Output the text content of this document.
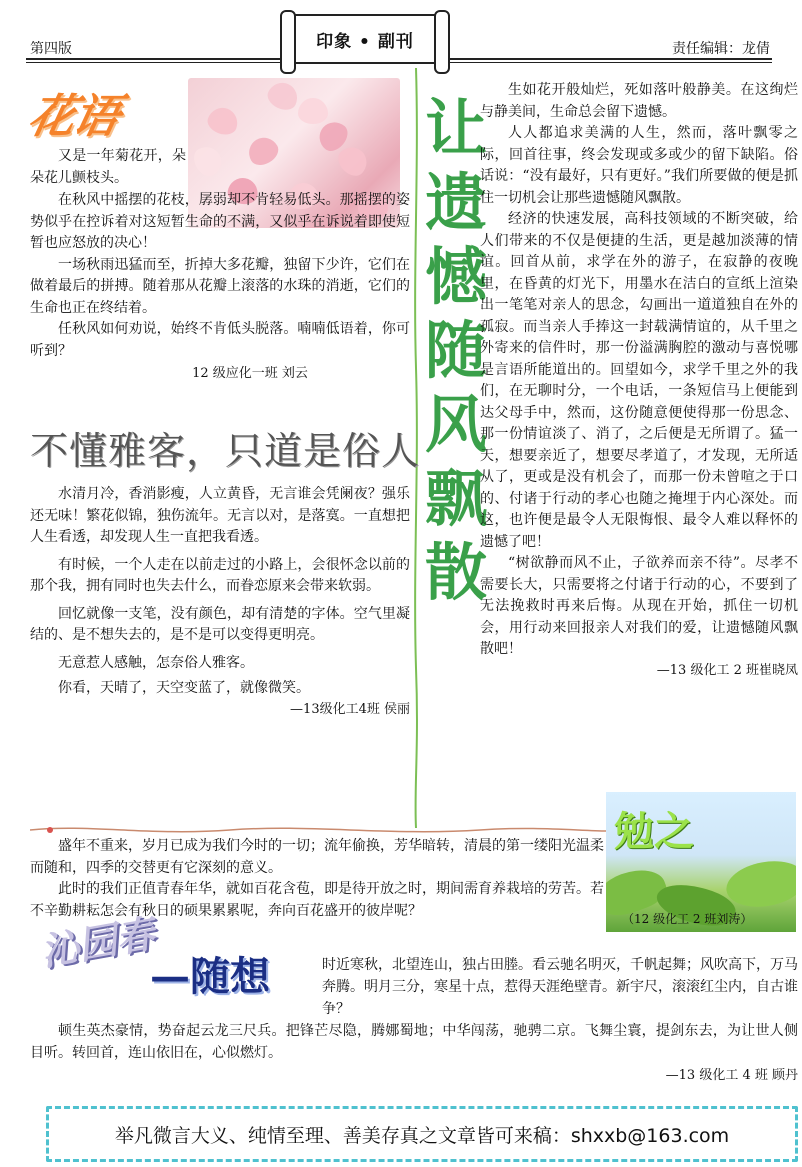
第四版	责任编辑：龙倩
印象 • 副刊
花语

又是一年菊花开，朵朵花儿颤枝头。

在秋风中摇摆的花枝，孱弱却不肯轻易低头。那摇摆的姿势似乎在控诉着对这短暂生命的不满，又似乎在诉说着即使短暂也应怒放的决心！

一场秋雨迅猛而至，折掉大多花瓣，独留下少许，它们在做着最后的拼搏。随着那从花瓣上滚落的水珠的消逝，它们的生命也正在终结着。

任秋风如何劝说，始终不肯低头脱落。喃喃低语着，你可听到？

12 级应化一班 刘云
让
遗
憾
随
风
飘
散

生如花开般灿烂，死如落叶般静美。在这绚烂与静美间，生命总会留下遗憾。

人人都追求美满的人生，然而，落叶飘零之际，回首往事，终会发现或多或少的留下缺陷。俗话说：“没有最好，只有更好。”我们所要做的便是抓住一切机会让那些遗憾随风飘散。

经济的快速发展，高科技领域的不断突破，给人们带来的不仅是便捷的生活，更是越加淡薄的情谊。回首从前，求学在外的游子，在寂静的夜晚里，在昏黄的灯光下，用墨水在洁白的宣纸上渲染出一笔笔对亲人的思念，勾画出一道道独自在外的孤寂。而当亲人手捧这一封载满情谊的，从千里之外寄来的信件时，那一份溢满胸腔的激动与喜悦哪是言语所能道出的。回望如今，求学千里之外的我们，在无聊时分，一个电话，一条短信马上便能到达父母手中，然而，这份随意便使得那一份思念、那一份情谊淡了、消了，之后便是无所谓了。猛一天，想要亲近了，想要尽孝道了，才发现，无所适从了，更或是没有机会了，而那一份未曾喧之于口的、付诸于行动的孝心也随之掩埋于内心深处。而这，也许便是最令人无限悔恨、最令人难以释怀的遗憾了吧！

“树欲静而风不止，子欲养而亲不待”。尽孝不需要长大，只需要将之付诸于行动的心，不要到了无法挽救时再来后悔。从现在开始，抓住一切机会，用行动来回报亲人对我们的爱，让遗憾随风飘散吧！

—13 级化工 2 班崔晓凤
不懂雅客，只道是俗人

水清月冷，香消影瘦，人立黄昏，无言谁会凭阑夜？强乐还无味！繁花似锦，独伤流年。无言以对，是落寞。一直想把人生看透，却发现人生一直把我看透。

有时候，一个人走在以前走过的小路上，会很怀念以前的那个我，拥有同时也失去什么，而眷恋原来会带来软弱。

回忆就像一支笔，没有颜色，却有清楚的字体。空气里凝结的、是不想失去的，是不是可以变得更明亮。

无意惹人感触，怎奈俗人雅客。

你看，天晴了，天空变蓝了，就像微笑。

—13级化工4班 侯丽
勉之
（12 级化工 2 班刘涛）

盛年不重来，岁月已成为我们今时的一切；流年偷换，芳华暗转，清晨的第一缕阳光温柔而随和，四季的交替更有它深刻的意义。

此时的我们正值青春年华，就如百花含苞，即是待开放之时，期间需育养栽培的劳苦。若不辛勤耕耘怎会有秋日的硕果累累呢，奔向百花盛开的彼岸呢？

沁园春
—随想	时近寒秋，北望连山，独占田塍。看云驰名明灭，千帆起舞；风吹高下，万马奔腾。明月三分，寒星十点，惹得天涯绝壁青。新宇尺，滚滚红尘内，自古谁争？

顿生英杰豪情，势奋起云龙三尺兵。把锋芒尽隐，腾娜蜀地；中华闯荡，驰骋二京。飞舞尘寰，提剑东去，为让世人侧目听。转回首，连山依旧在，心似燃灯。

—13 级化工 4 班 顾丹
举凡微言大义、纯情至理、善美存真之文章皆可来稿：shxxb@163.com
